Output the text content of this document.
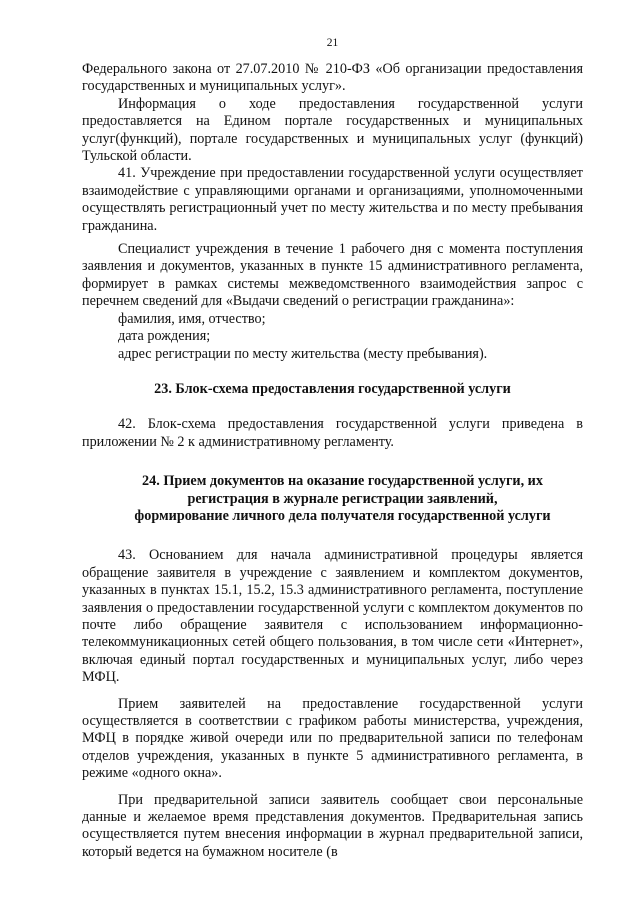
21

Федерального закона от 27.07.2010 № 210-ФЗ «Об организации предоставления государственных и муниципальных услуг».

Информация о ходе предоставления государственной услуги предоставляется на Едином портале государственных и муниципальных услуг(функций), портале государственных и муниципальных услуг (функций) Тульской области.

41. Учреждение при предоставлении государственной услуги осуществляет взаимодействие с управляющими органами и организациями, уполномоченными осуществлять регистрационный учет по месту жительства и по месту пребывания гражданина.

Специалист учреждения в течение 1 рабочего дня с момента поступления заявления и документов, указанных в пункте 15 административного регламента, формирует в рамках системы межведомственного взаимодействия запрос с перечнем сведений для «Выдачи сведений о регистрации гражданина»:

фамилия, имя, отчество;
дата рождения;
адрес регистрации по месту жительства (месту пребывания).

23. Блок-схема предоставления государственной услуги

42. Блок-схема предоставления государственной услуги приведена в приложении № 2 к административному регламенту.

24. Прием документов на оказание государственной услуги, их
регистрация в журнале регистрации заявлений,
формирование личного дела получателя государственной услуги

43. Основанием для начала административной процедуры является обращение заявителя в учреждение с заявлением и комплектом документов, указанных в пунктах 15.1, 15.2, 15.3 административного регламента, поступление заявления о предоставлении государственной услуги с комплектом документов по почте либо обращение заявителя с использованием информационно-телекоммуникационных сетей общего пользования, в том числе сети «Интернет», включая единый портал государственных и муниципальных услуг, либо через МФЦ.

Прием заявителей на предоставление государственной услуги осуществляется в соответствии с графиком работы министерства, учреждения, МФЦ в порядке живой очереди или по предварительной записи по телефонам отделов учреждения, указанных в пункте 5 административного регламента, в режиме «одного окна».

При предварительной записи заявитель сообщает свои персональные данные и желаемое время представления документов. Предварительная запись осуществляется путем внесения информации в журнал предварительной записи, который ведется на бумажном носителе (в
